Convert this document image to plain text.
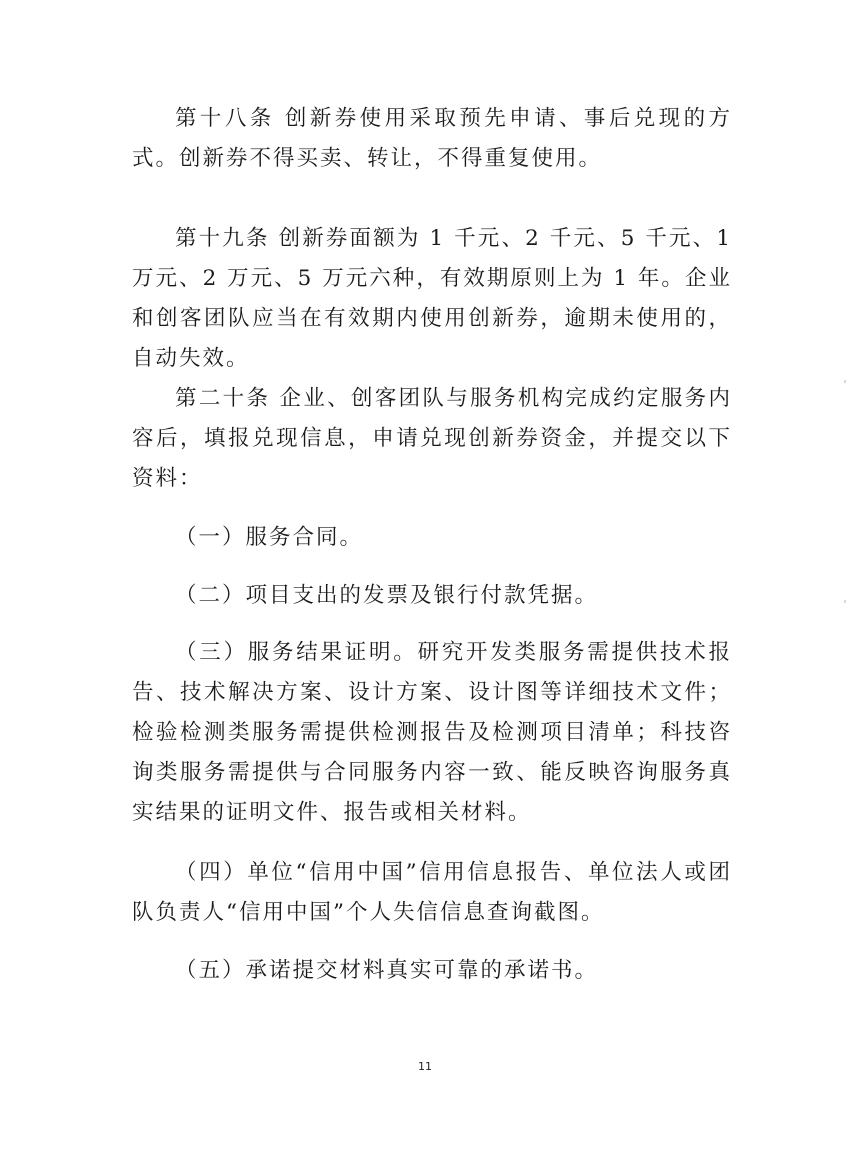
第十八条 创新券使用采取预先申请、事后兑现的方式。创新券不得买卖、转让，不得重复使用。

第十九条 创新券面额为 1 千元、2 千元、5 千元、1 万元、2 万元、5 万元六种，有效期原则上为 1 年。企业和创客团队应当在有效期内使用创新券，逾期未使用的，自动失效。

第二十条 企业、创客团队与服务机构完成约定服务内容后，填报兑现信息，申请兑现创新券资金，并提交以下资料：

（一）服务合同。

（二）项目支出的发票及银行付款凭据。

（三）服务结果证明。研究开发类服务需提供技术报告、技术解决方案、设计方案、设计图等详细技术文件；检验检测类服务需提供检测报告及检测项目清单；科技咨询类服务需提供与合同服务内容一致、能反映咨询服务真实结果的证明文件、报告或相关材料。

（四）单位“信用中国”信用信息报告、单位法人或团队负责人“信用中国”个人失信信息查询截图。

（五）承诺提交材料真实可靠的承诺书。

11
